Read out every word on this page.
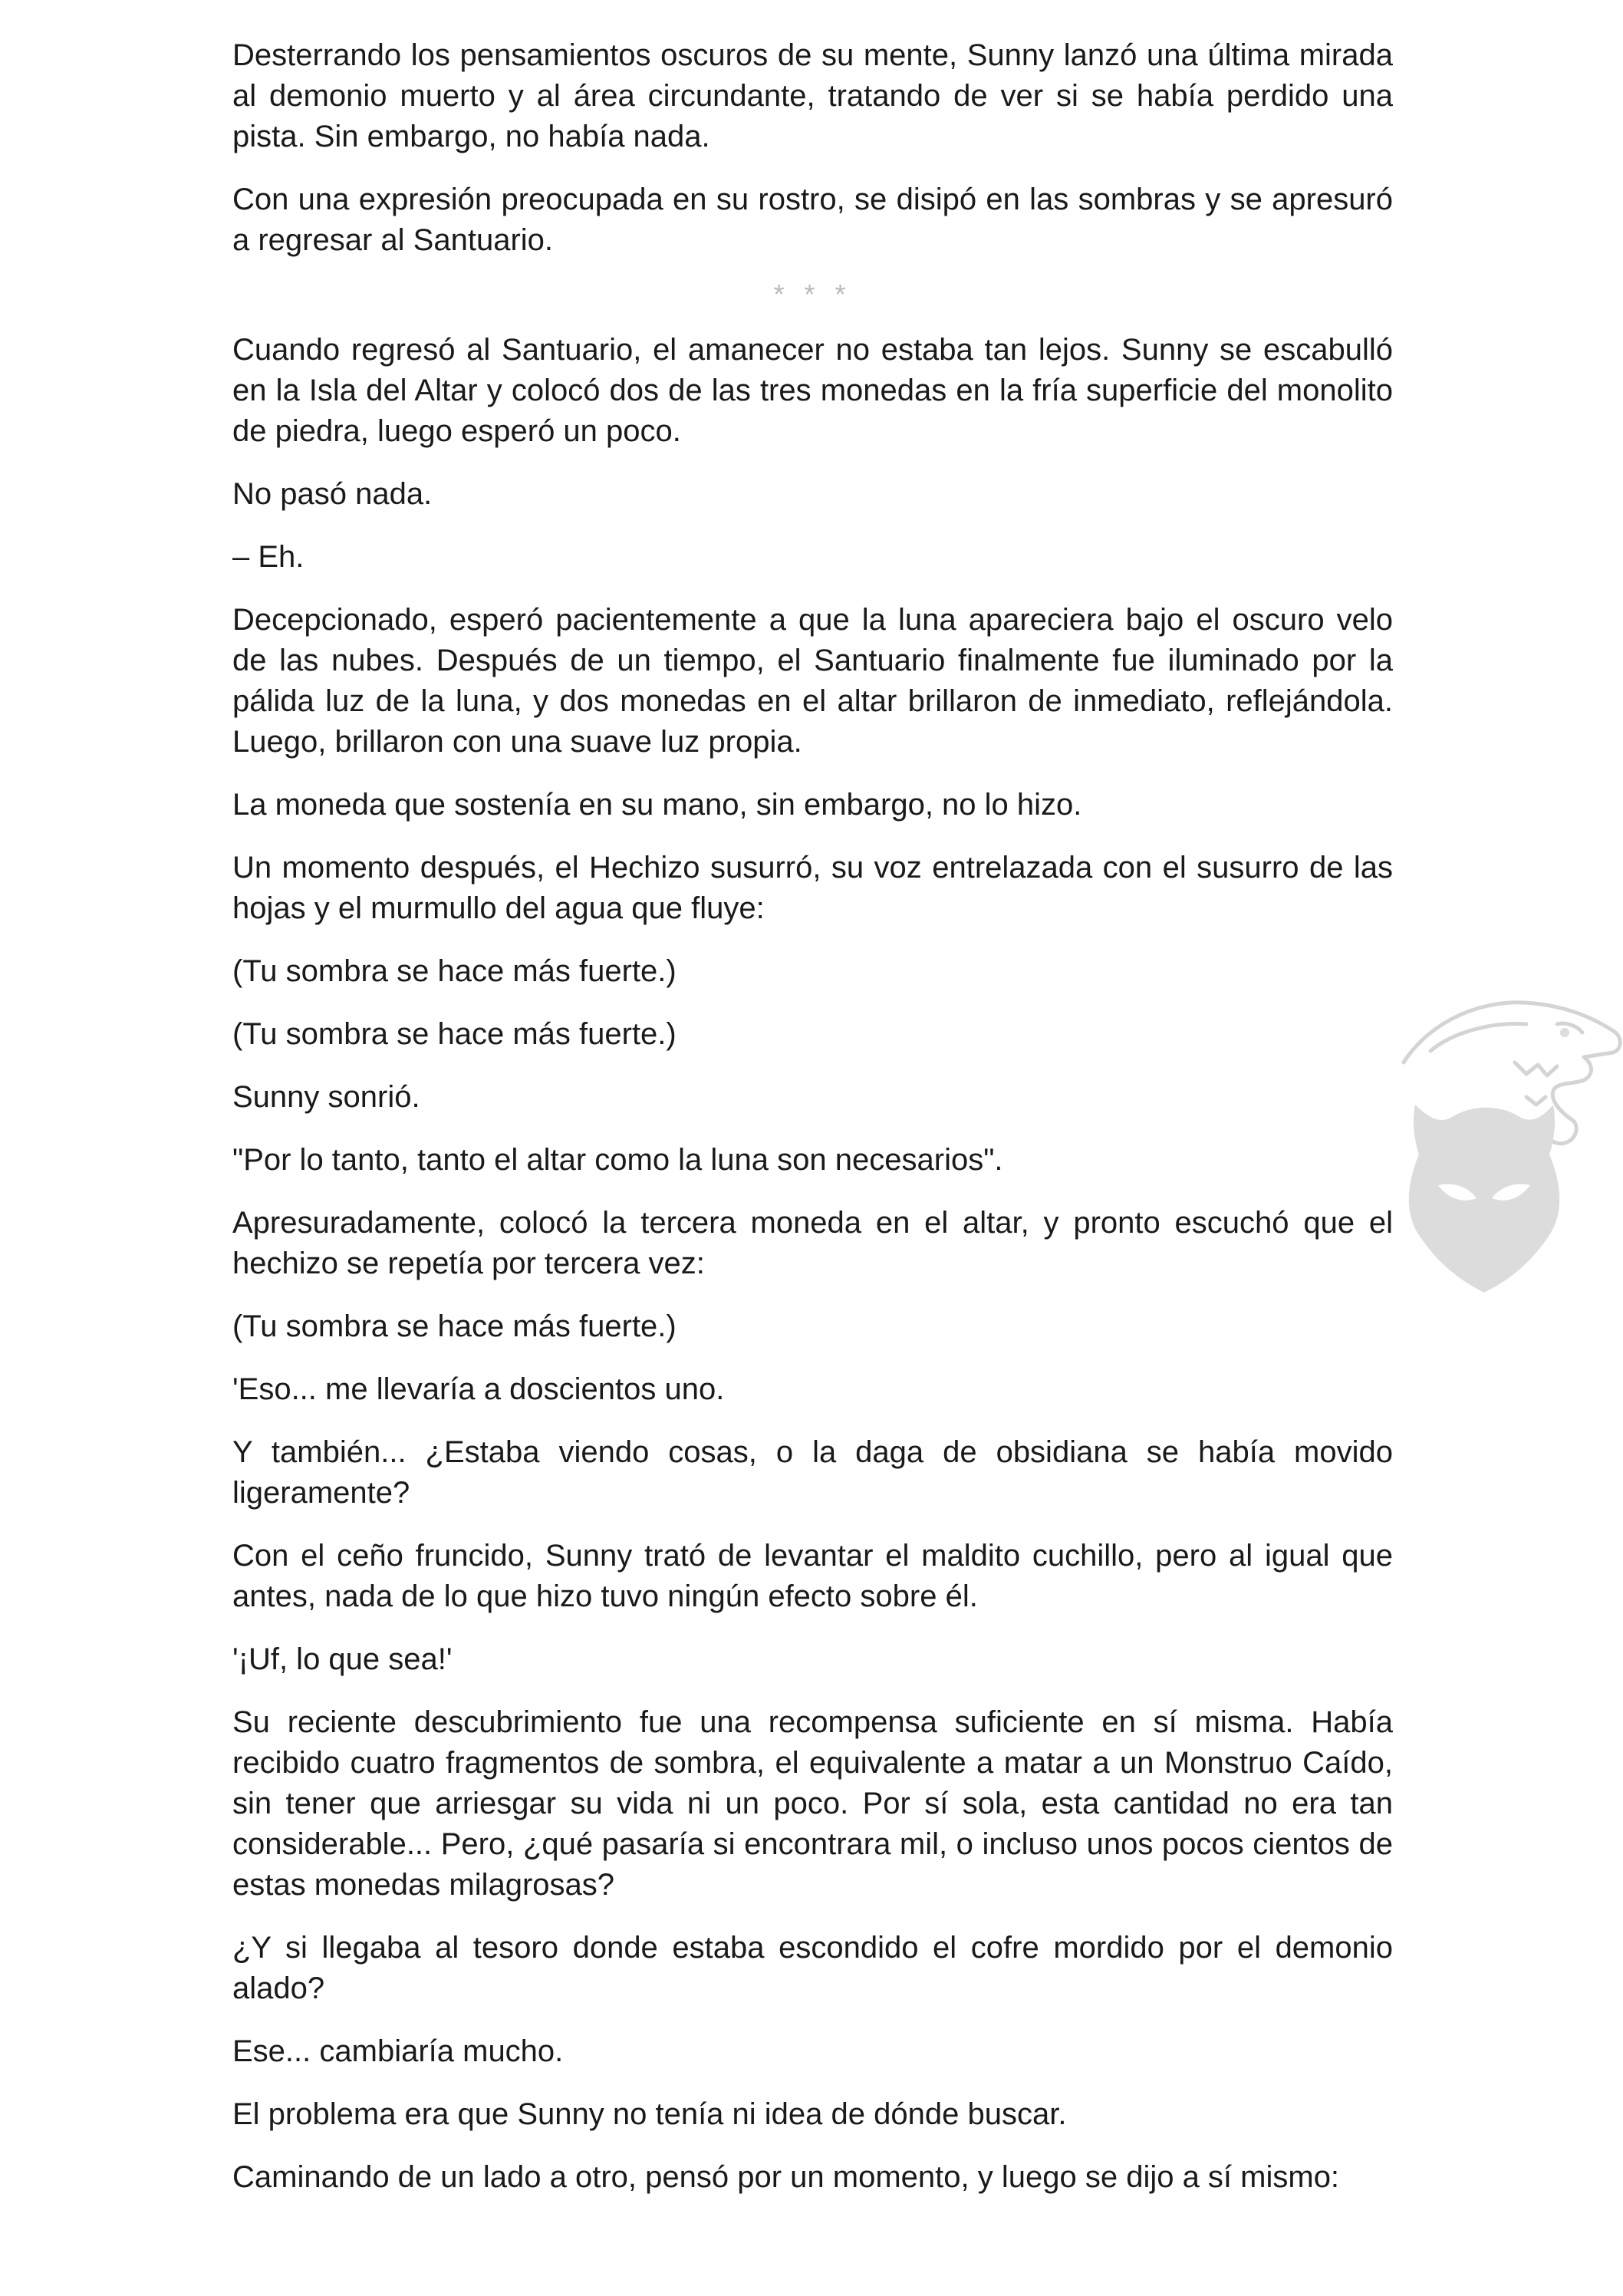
Desterrando los pensamientos oscuros de su mente, Sunny lanzó una última mirada al demonio muerto y al área circundante, tratando de ver si se había perdido una pista. Sin embargo, no había nada.

Con una expresión preocupada en su rostro, se disipó en las sombras y se apresuró a regresar al Santuario.

* * *

Cuando regresó al Santuario, el amanecer no estaba tan lejos. Sunny se escabulló en la Isla del Altar y colocó dos de las tres monedas en la fría superficie del monolito de piedra, luego esperó un poco.

No pasó nada.

– Eh.

Decepcionado, esperó pacientemente a que la luna apareciera bajo el oscuro velo de las nubes. Después de un tiempo, el Santuario finalmente fue iluminado por la pálida luz de la luna, y dos monedas en el altar brillaron de inmediato, reflejándola. Luego, brillaron con una suave luz propia.

La moneda que sostenía en su mano, sin embargo, no lo hizo.

Un momento después, el Hechizo susurró, su voz entrelazada con el susurro de las hojas y el murmullo del agua que fluye:

(Tu sombra se hace más fuerte.)

(Tu sombra se hace más fuerte.)

Sunny sonrió.

"Por lo tanto, tanto el altar como la luna son necesarios".

Apresuradamente, colocó la tercera moneda en el altar, y pronto escuchó que el hechizo se repetía por tercera vez:

(Tu sombra se hace más fuerte.)

'Eso... me llevaría a doscientos uno.

Y también... ¿Estaba viendo cosas, o la daga de obsidiana se había movido ligeramente?

Con el ceño fruncido, Sunny trató de levantar el maldito cuchillo, pero al igual que antes, nada de lo que hizo tuvo ningún efecto sobre él.

'¡Uf, lo que sea!'

Su reciente descubrimiento fue una recompensa suficiente en sí misma. Había recibido cuatro fragmentos de sombra, el equivalente a matar a un Monstruo Caído, sin tener que arriesgar su vida ni un poco. Por sí sola, esta cantidad no era tan considerable... Pero, ¿qué pasaría si encontrara mil, o incluso unos pocos cientos de estas monedas milagrosas?

¿Y si llegaba al tesoro donde estaba escondido el cofre mordido por el demonio alado?

Ese... cambiaría mucho.

El problema era que Sunny no tenía ni idea de dónde buscar.

Caminando de un lado a otro, pensó por un momento, y luego se dijo a sí mismo:
